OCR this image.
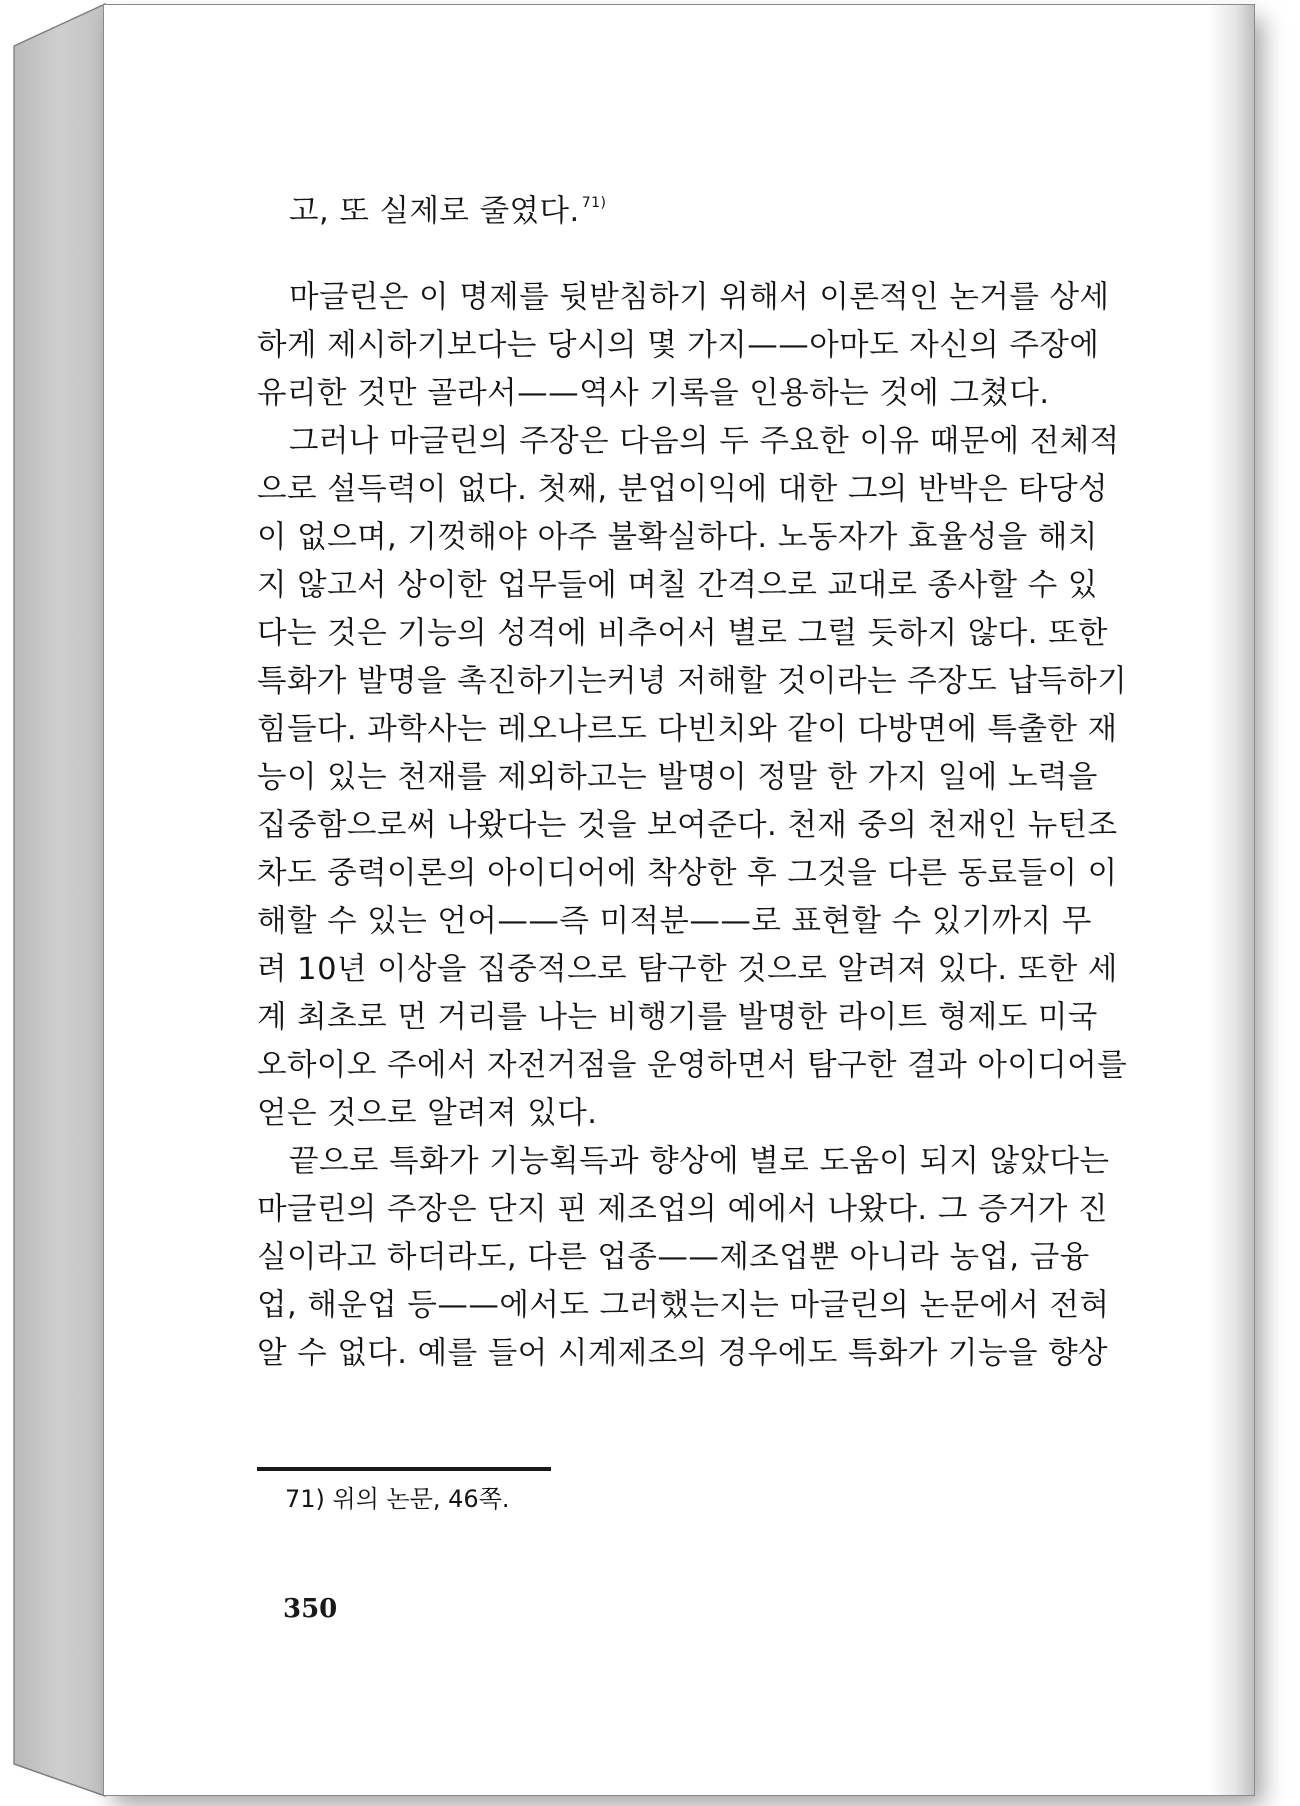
고, 또 실제로 줄였다. $^{71)}$
마글린은 이 명제를 뒷받침하기 위해서 이론적인 논거를 상세
하게 제시하기보다는 당시의 몇 가지——아마도 자신의 주장에
유리한 것만 골라서——역사 기록을 인용하는 것에 그쳤다.
그러나 마글린의 주장은 다음의 두 주요한 이유 때문에 전체적
으로 설득력이 없다. 첫째, 분업이익에 대한 그의 반박은 타당성
이 없으며, 기껏해야 아주 불확실하다. 노동자가 효율성을 해치
지 않고서 상이한 업무들에 며칠 간격으로 교대로 종사할 수 있
다는 것은 기능의 성격에 비추어서 별로 그럴 듯하지 않다. 또한
특화가 발명을 촉진하기는커녕 저해할 것이라는 주장도 납득하기
힘들다. 과학사는 레오나르도 다빈치와 같이 다방면에 특출한 재
능이 있는 천재를 제외하고는 발명이 정말 한 가지 일에 노력을
집중함으로써 나왔다는 것을 보여준다. 천재 중의 천재인 뉴턴조
차도 중력이론의 아이디어에 착상한 후 그것을 다른 동료들이 이
해할 수 있는 언어——즉 미적분——로 표현할 수 있기까지 무
려 10년 이상을 집중적으로 탐구한 것으로 알려져 있다. 또한 세
계 최초로 먼 거리를 나는 비행기를 발명한 라이트 형제도 미국
오하이오 주에서 자전거점을 운영하면서 탐구한 결과 아이디어를
얻은 것으로 알려져 있다.
끝으로 특화가 기능획득과 향상에 별로 도움이 되지 않았다는
마글린의 주장은 단지 핀 제조업의 예에서 나왔다. 그 증거가 진
실이라고 하더라도, 다른 업종——제조업뿐 아니라 농업, 금융
업, 해운업 등——에서도 그러했는지는 마글린의 논문에서 전혀
알 수 없다. 예를 들어 시계제조의 경우에도 특화가 기능을 향상
71) 위의 논문, 46쪽.
350
